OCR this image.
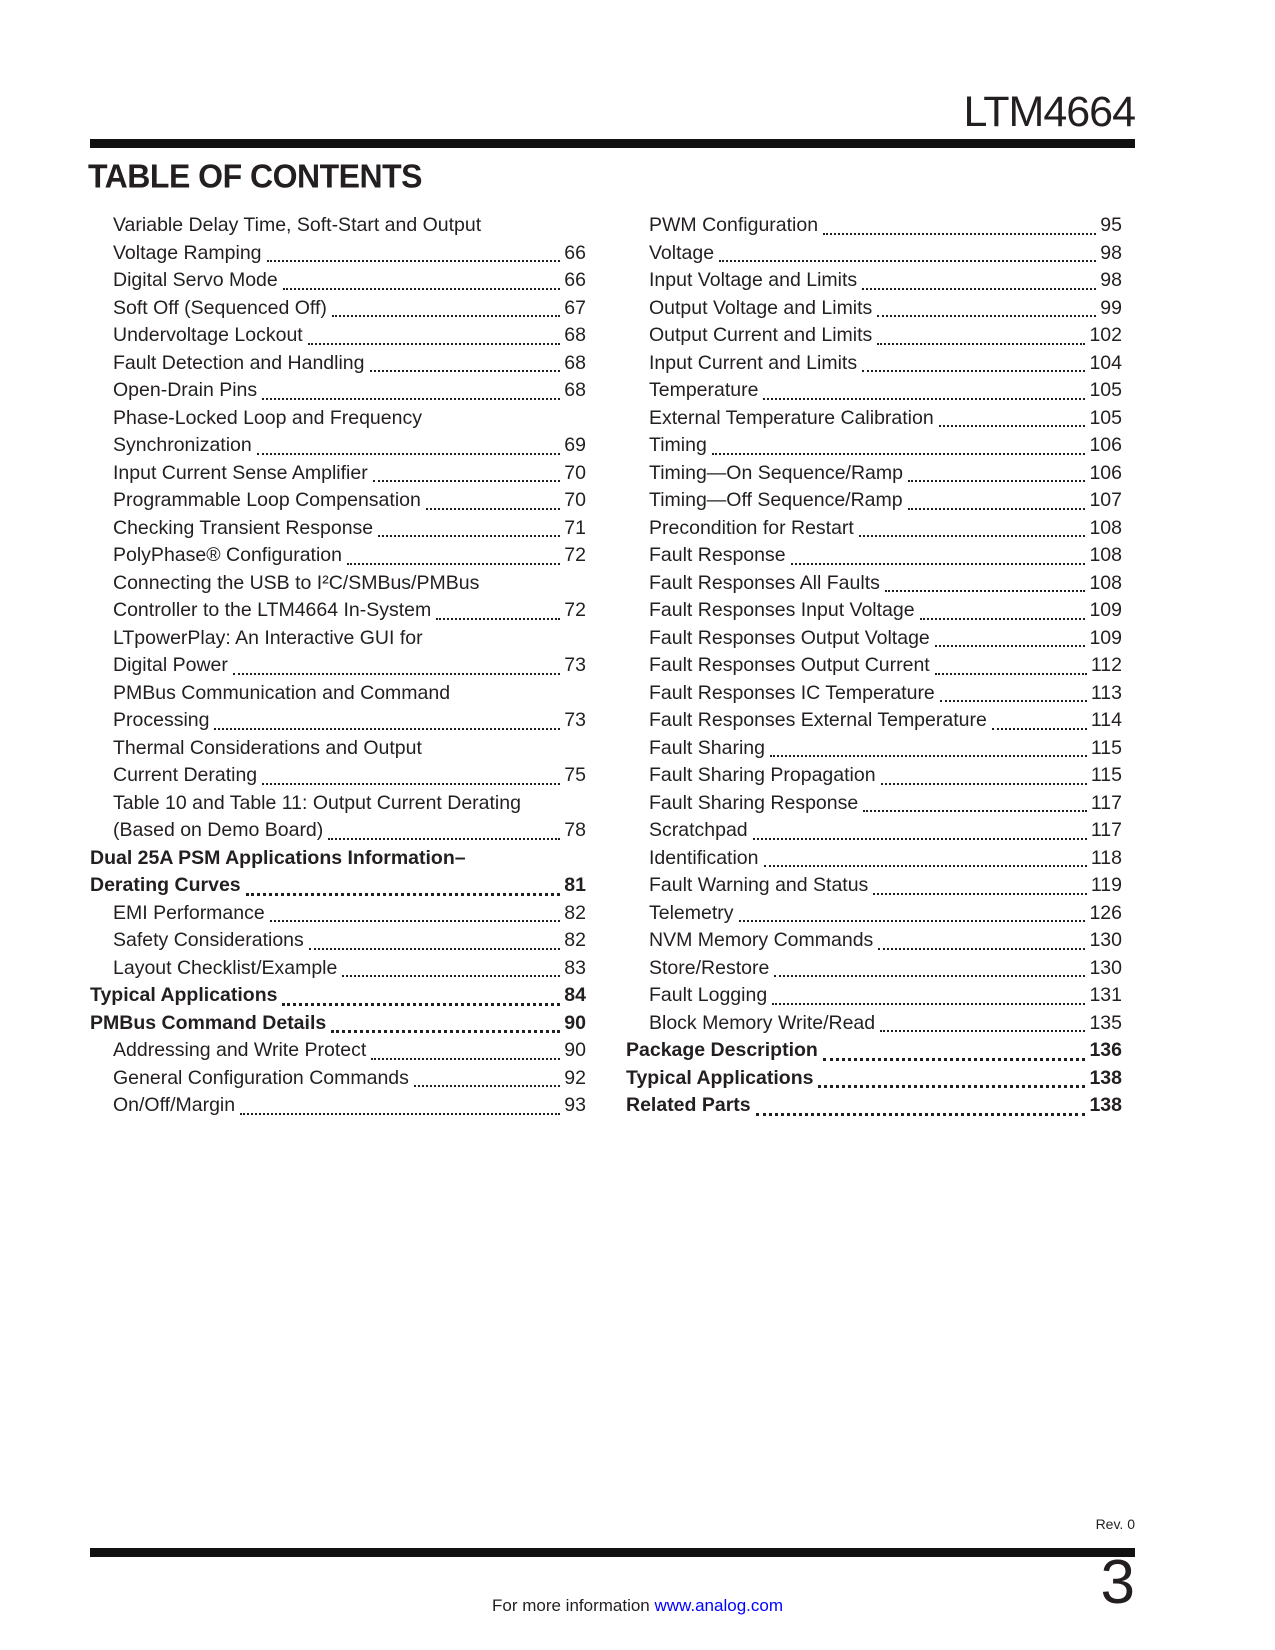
LTM4664
TABLE OF CONTENTS
Variable Delay Time, Soft-Start and Output
Voltage Ramping	66
Digital Servo Mode	66
Soft Off (Sequenced Off)	67
Undervoltage Lockout	68
Fault Detection and Handling	68
Open-Drain Pins	68
Phase-Locked Loop and Frequency
Synchronization	69
Input Current Sense Amplifier	70
Programmable Loop Compensation	70
Checking Transient Response	71
PolyPhase® Configuration	72
Connecting the USB to I²C/SMBus/PMBus
Controller to the LTM4664 In-System	72
LTpowerPlay: An Interactive GUI for
Digital Power	73
PMBus Communication and Command
Processing	73
Thermal Considerations and Output
Current Derating	75
Table 10 and Table 11: Output Current Derating
(Based on Demo Board)	78
Dual 25A PSM Applications Information–
Derating Curves	81
EMI Performance	82
Safety Considerations	82
Layout Checklist/Example	83
Typical Applications	84
PMBus Command Details	90
Addressing and Write Protect	90
General Configuration Commands	92
On/Off/Margin	93
PWM Configuration	95
Voltage	98
Input Voltage and Limits	98
Output Voltage and Limits	99
Output Current and Limits	102
Input Current and Limits	104
Temperature	105
External Temperature Calibration	105
Timing	106
Timing—On Sequence/Ramp	106
Timing—Off Sequence/Ramp	107
Precondition for Restart	108
Fault Response	108
Fault Responses All Faults	108
Fault Responses Input Voltage	109
Fault Responses Output Voltage	109
Fault Responses Output Current	112
Fault Responses IC Temperature	113
Fault Responses External Temperature	114
Fault Sharing	115
Fault Sharing Propagation	115
Fault Sharing Response	117
Scratchpad	117
Identification	118
Fault Warning and Status	119
Telemetry	126
NVM Memory Commands	130
Store/Restore	130
Fault Logging	131
Block Memory Write/Read	135
Package Description	136
Typical Applications	138
Related Parts	138
Rev. 0
3
For more information www.analog.com
